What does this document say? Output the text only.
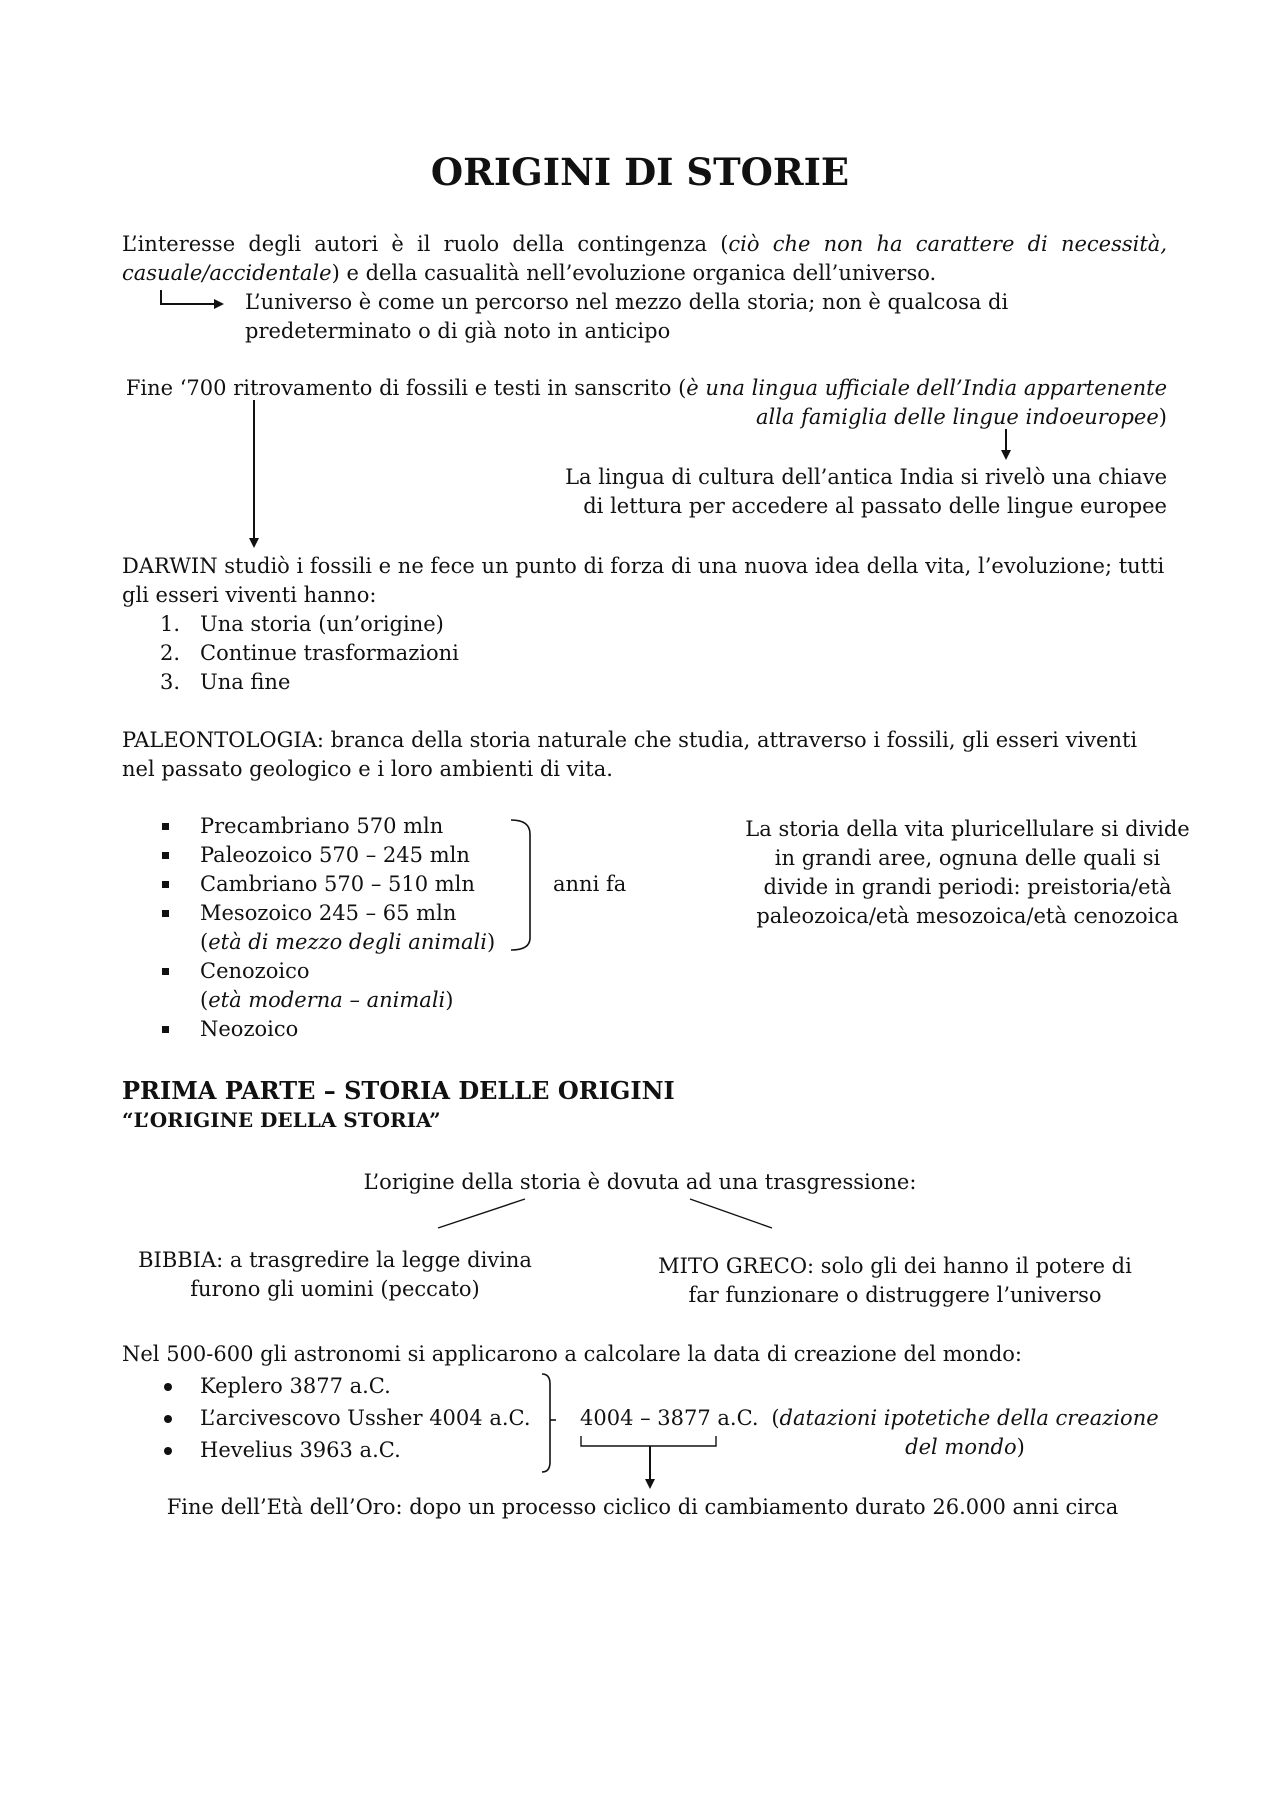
ORIGINI DI STORIE
L’interesse degli autori è il ruolo della contingenza (ciò che non ha carattere di necessità, casuale/accidentale) e della casualità nell’evoluzione organica dell’universo.
L’universo è come un percorso nel mezzo della storia; non è qualcosa di predeterminato o di già noto in anticipo
Fine ‘700 ritrovamento di fossili e testi in sanscrito (è una lingua ufficiale dell’India appartenente alla famiglia delle lingue indoeuropee)
La lingua di cultura dell’antica India si rivelò una chiave di lettura per accedere al passato delle lingue europee
DARWIN studiò i fossili e ne fece un punto di forza di una nuova idea della vita, l’evoluzione; tutti gli esseri viventi hanno:
1. Una storia (un’origine)
2. Continue trasformazioni
3. Una fine
PALEONTOLOGIA: branca della storia naturale che studia, attraverso i fossili, gli esseri viventi nel passato geologico e i loro ambienti di vita.
Precambriano 570 mln
Paleozoico 570 – 245 mln
Cambriano 570 – 510 mln
Mesozoico 245 – 65 mln
(età di mezzo degli animali)
Cenozoico
(età moderna – animali)
Neozoico
anni fa
La storia della vita pluricellulare si divide in grandi aree, ognuna delle quali si divide in grandi periodi: preistoria/età paleozoica/età mesozoica/età cenozoica
PRIMA PARTE – STORIA DELLE ORIGINI
“L’ORIGINE DELLA STORIA”
L’origine della storia è dovuta ad una trasgressione:
BIBBIA: a trasgredire la legge divina furono gli uomini (peccato)
MITO GRECO: solo gli dei hanno il potere di far funzionare o distruggere l’universo
Nel 500-600 gli astronomi si applicarono a calcolare la data di creazione del mondo:
Keplero 3877 a.C.
L’arcivescovo Ussher 4004 a.C.
Hevelius 3963 a.C.
4004 – 3877 a.C. (datazioni ipotetiche della creazione del mondo)
Fine dell’Età dell’Oro: dopo un processo ciclico di cambiamento durato 26.000 anni circa
